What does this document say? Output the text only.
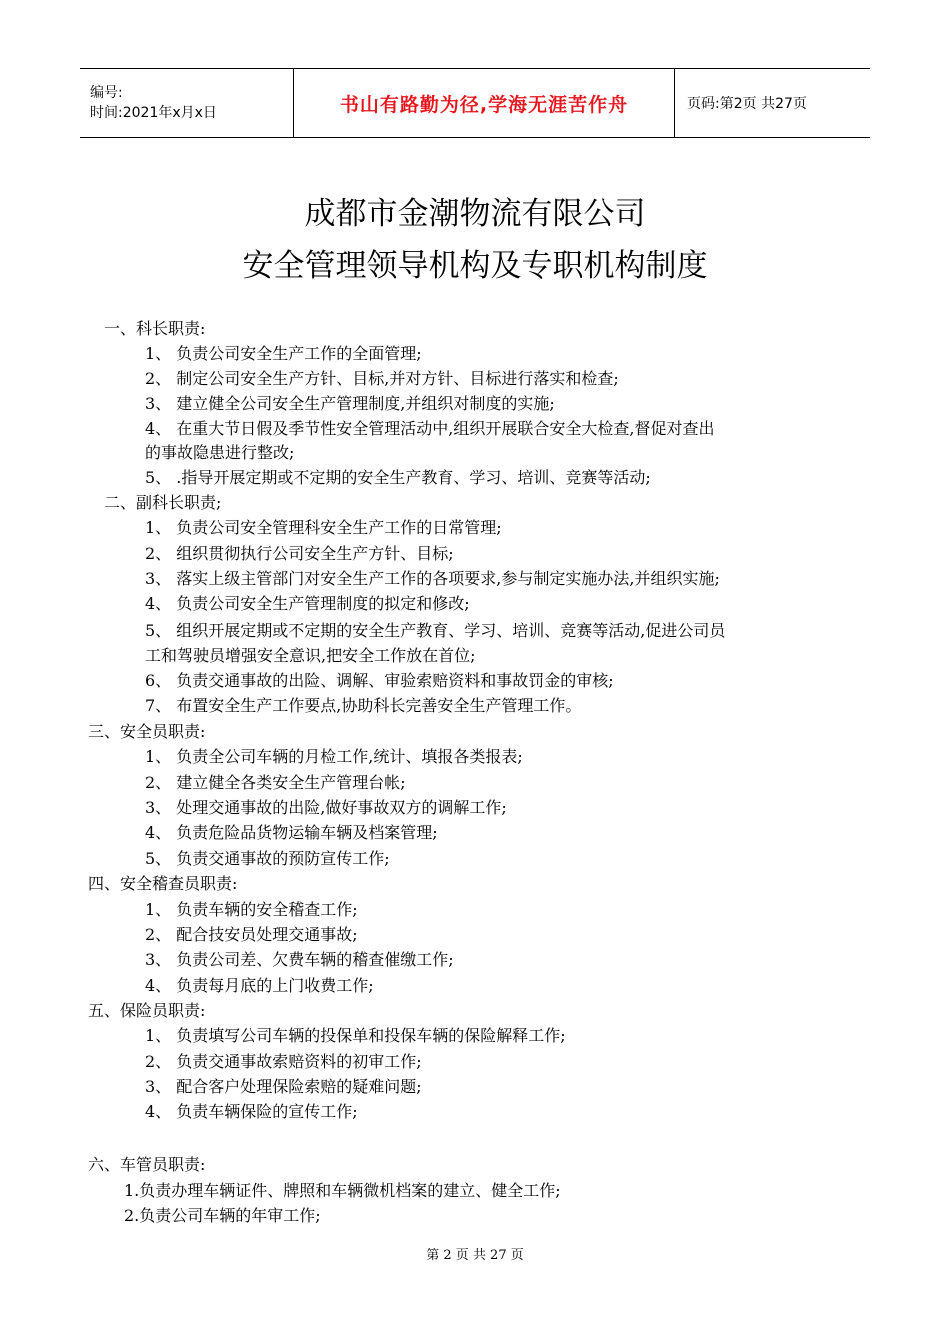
编号:
时间:2021年x月x日	书山有路勤为径,学海无涯苦作舟	页码:第2页 共27页
成都市金潮物流有限公司
安全管理领导机构及专职机构制度
一、科长职责:
1、 负责公司安全生产工作的全面管理;
2、 制定公司安全生产方针、目标,并对方针、目标进行落实和检查;
3、 建立健全公司安全生产管理制度,并组织对制度的实施;
4、 在重大节日假及季节性安全管理活动中,组织开展联合安全大检查,督促对查出
的事故隐患进行整改;
5、 .指导开展定期或不定期的安全生产教育、学习、培训、竞赛等活动;
二、副科长职责;
1、 负责公司安全管理科安全生产工作的日常管理;
2、 组织贯彻执行公司安全生产方针、目标;
3、 落实上级主管部门对安全生产工作的各项要求,参与制定实施办法,并组织实施;
4、 负责公司安全生产管理制度的拟定和修改;
5、 组织开展定期或不定期的安全生产教育、学习、培训、竞赛等活动,促进公司员
工和驾驶员增强安全意识,把安全工作放在首位;
6、 负责交通事故的出险、调解、审验索赔资料和事故罚金的审核;
7、 布置安全生产工作要点,协助科长完善安全生产管理工作。
三、安全员职责:
1、 负责全公司车辆的月检工作,统计、填报各类报表;
2、 建立健全各类安全生产管理台帐;
3、 处理交通事故的出险,做好事故双方的调解工作;
4、 负责危险品货物运输车辆及档案管理;
5、 负责交通事故的预防宣传工作;
四、安全稽查员职责:
1、 负责车辆的安全稽查工作;
2、 配合技安员处理交通事故;
3、 负责公司差、欠费车辆的稽查催缴工作;
4、 负责每月底的上门收费工作;
五、保险员职责:
1、 负责填写公司车辆的投保单和投保车辆的保险解释工作;
2、 负责交通事故索赔资料的初审工作;
3、 配合客户处理保险索赔的疑难问题;
4、 负责车辆保险的宣传工作;
六、车管员职责:
1.负责办理车辆证件、牌照和车辆微机档案的建立、健全工作;
2.负责公司车辆的年审工作;
第 2 页 共 27 页
